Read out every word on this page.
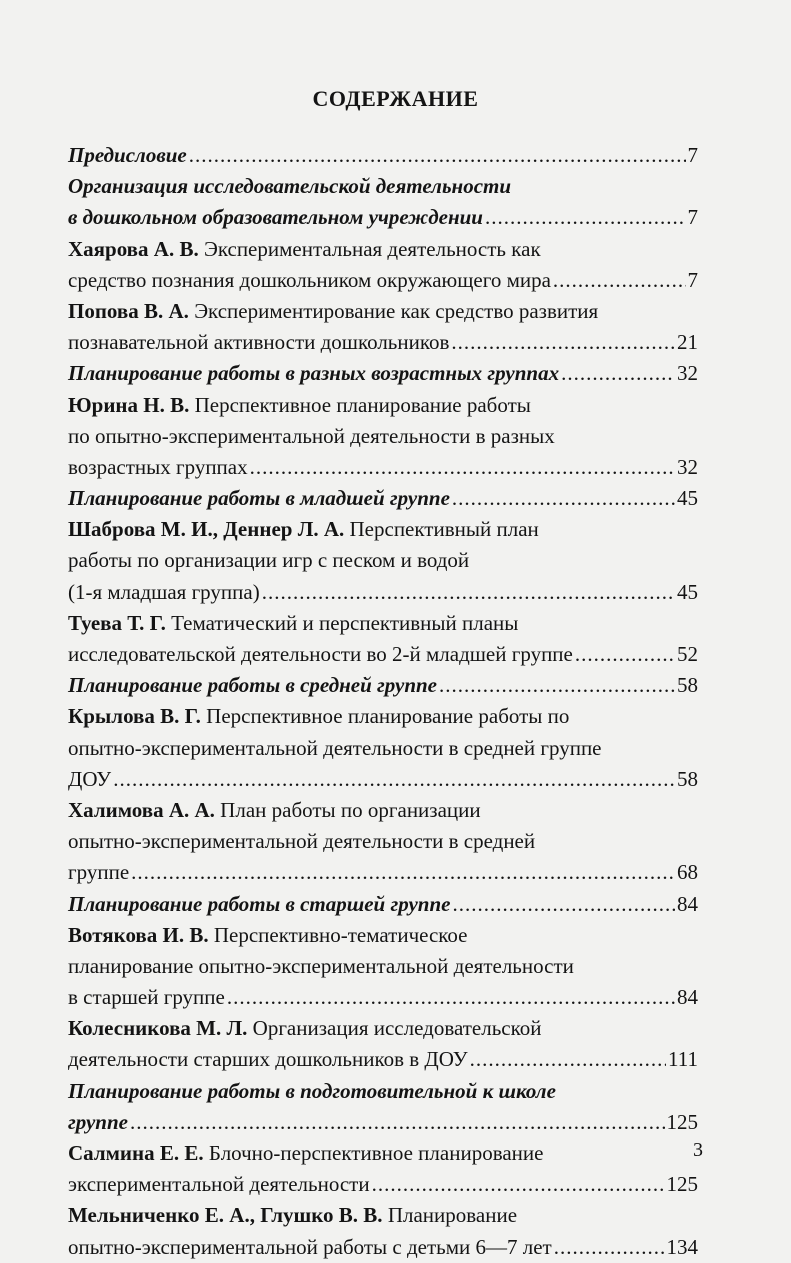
СОДЕРЖАНИЕ
Предисловие .....	7
Организация исследовательской деятельности
в дошкольном образовательном учреждении .....	7
Хаярова А. В. Экспериментальная деятельность как
средство познания дошкольником окружающего мира .....	7
Попова В. А. Экспериментирование как средство развития
познавательной активности дошкольников .....	21
Планирование работы в разных возрастных группах .....	32
Юрина Н. В. Перспективное планирование работы
по опытно-экспериментальной деятельности в разных
возрастных группах .....	32
Планирование работы в младшей группе .....	45
Шаброва М. И., Деннер Л. А. Перспективный план
работы по организации игр с песком и водой
(1-я младшая группа) .....	45
Туева Т. Г. Тематический и перспективный планы
исследовательской деятельности во 2-й младшей группе .....	52
Планирование работы в средней группе .....	58
Крылова В. Г. Перспективное планирование работы по
опытно-экспериментальной деятельности в средней группе
ДОУ .....	58
Халимова А. А. План работы по организации
опытно-экспериментальной деятельности в средней
группе .....	68
Планирование работы в старшей группе .....	84
Вотякова И. В. Перспективно-тематическое
планирование опытно-экспериментальной деятельности
в старшей группе .....	84
Колесникова М. Л. Организация исследовательской
деятельности старших дошкольников в ДОУ .....	111
Планирование работы в подготовительной к школе
группе .....	125
Салмина Е. Е. Блочно-перспективное планирование
экспериментальной деятельности .....	125
Мельниченко Е. А., Глушко В. В. Планирование
опытно-экспериментальной работы с детьми 6—7 лет .....	134
3
